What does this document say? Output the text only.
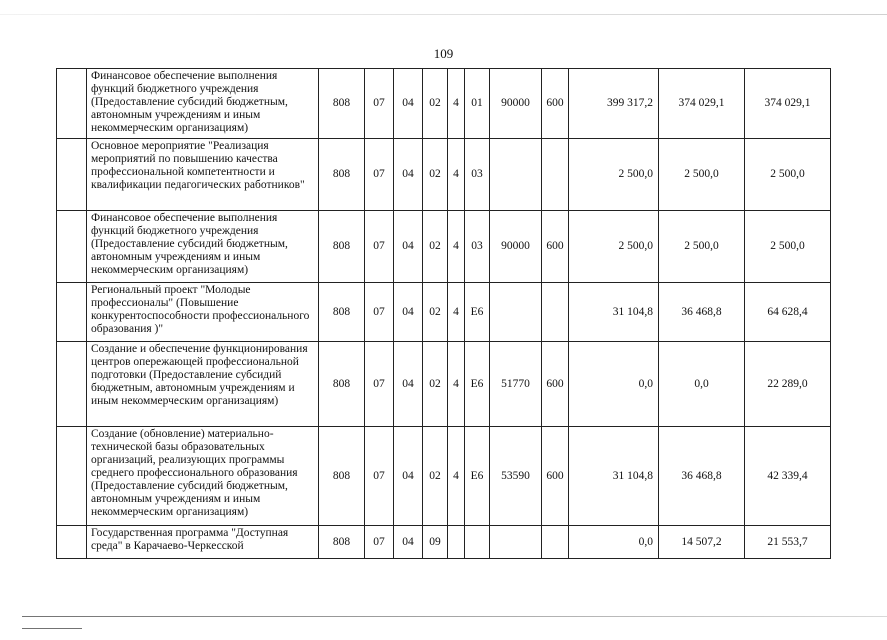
109
	Финансовое обеспечение выполнения функций бюджетного учреждения (Предоставление субсидий бюджетным, автономным учреждениям и иным некоммерческим организациям)	808	07	04	02	4	01	90000	600	399 317,2	374 029,1	374 029,1
	Основное мероприятие "Реализация мероприятий по повышению качества профессиональной компетентности и квалификации педагогических работников"	808	07	04	02	4	03			2 500,0	2 500,0	2 500,0
	Финансовое обеспечение выполнения функций бюджетного учреждения (Предоставление субсидий бюджетным, автономным учреждениям и иным некоммерческим организациям)	808	07	04	02	4	03	90000	600	2 500,0	2 500,0	2 500,0
	Региональный проект "Молодые профессионалы" (Повышение конкурентоспособности профессионального образования )"	808	07	04	02	4	Е6			31 104,8	36 468,8	64 628,4
	Создание и обеспечение функционирования центров опережающей профессиональной подготовки (Предоставление субсидий бюджетным, автономным учреждениям и иным некоммерческим организациям)	808	07	04	02	4	Е6	51770	600	0,0	0,0	22 289,0
	Создание (обновление) материально-технической базы образовательных организаций, реализующих программы среднего профессионального образования (Предоставление субсидий бюджетным, автономным учреждениям и иным некоммерческим организациям)	808	07	04	02	4	Е6	53590	600	31 104,8	36 468,8	42 339,4
	Государственная программа "Доступная среда" в Карачаево-Черкесской	808	07	04	09					0,0	14 507,2	21 553,7
